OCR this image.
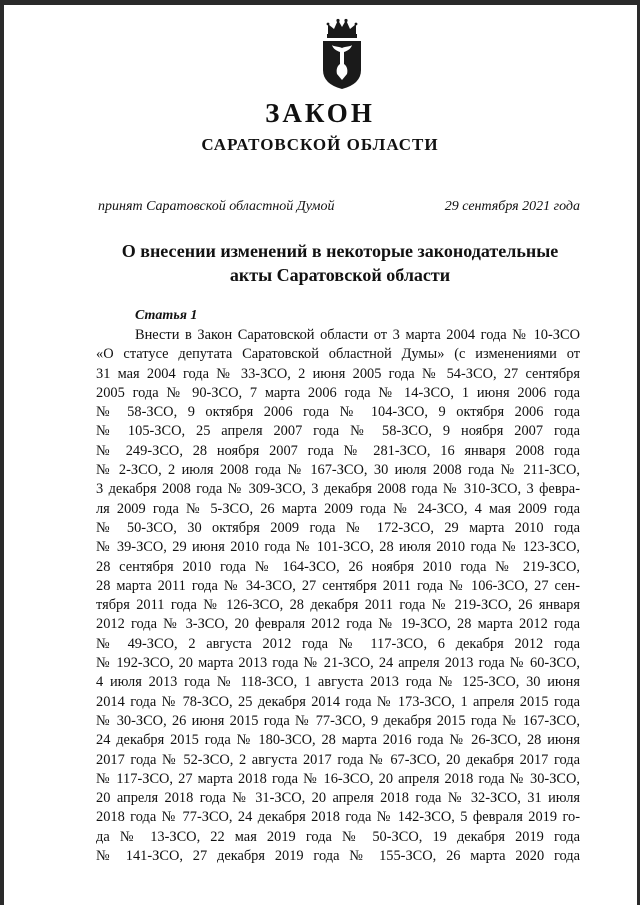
ЗАКОН
САРАТОВСКОЙ ОБЛАСТИ
принят Саратовской областной Думой	29 сентября 2021 года
О внесении изменений в некоторые законодательные
акты Саратовской области
Статья 1
Внести в Закон Саратовской области от 3 марта 2004 года № 10-ЗСО
«О статусе депутата Саратовской областной Думы» (с изменениями от
31 мая 2004 года № 33-ЗСО, 2 июня 2005 года № 54-ЗСО, 27 сентября
2005 года № 90-ЗСО, 7 марта 2006 года № 14-ЗСО, 1 июня 2006 года
№ 58-ЗСО, 9 октября 2006 года № 104-ЗСО, 9 октября 2006 года
№ 105-ЗСО, 25 апреля 2007 года № 58-ЗСО, 9 ноября 2007 года
№ 249-ЗСО, 28 ноября 2007 года № 281-ЗСО, 16 января 2008 года
№ 2-ЗСО, 2 июля 2008 года № 167-ЗСО, 30 июля 2008 года № 211-ЗСО,
3 декабря 2008 года № 309-ЗСО, 3 декабря 2008 года № 310-ЗСО, 3 февра-
ля 2009 года № 5-ЗСО, 26 марта 2009 года № 24-ЗСО, 4 мая 2009 года
№ 50-ЗСО, 30 октября 2009 года № 172-ЗСО, 29 марта 2010 года
№ 39-ЗСО, 29 июня 2010 года № 101-ЗСО, 28 июля 2010 года № 123-ЗСО,
28 сентября 2010 года № 164-ЗСО, 26 ноября 2010 года № 219-ЗСО,
28 марта 2011 года № 34-ЗСО, 27 сентября 2011 года № 106-ЗСО, 27 сен-
тября 2011 года № 126-ЗСО, 28 декабря 2011 года № 219-ЗСО, 26 января
2012 года № 3-ЗСО, 20 февраля 2012 года № 19-ЗСО, 28 марта 2012 года
№ 49-ЗСО, 2 августа 2012 года № 117-ЗСО, 6 декабря 2012 года
№ 192-ЗСО, 20 марта 2013 года № 21-ЗСО, 24 апреля 2013 года № 60-ЗСО,
4 июля 2013 года № 118-ЗСО, 1 августа 2013 года № 125-ЗСО, 30 июня
2014 года № 78-ЗСО, 25 декабря 2014 года № 173-ЗСО, 1 апреля 2015 года
№ 30-ЗСО, 26 июня 2015 года № 77-ЗСО, 9 декабря 2015 года № 167-ЗСО,
24 декабря 2015 года № 180-ЗСО, 28 марта 2016 года № 26-ЗСО, 28 июня
2017 года № 52-ЗСО, 2 августа 2017 года № 67-ЗСО, 20 декабря 2017 года
№ 117-ЗСО, 27 марта 2018 года № 16-ЗСО, 20 апреля 2018 года № 30-ЗСО,
20 апреля 2018 года № 31-ЗСО, 20 апреля 2018 года № 32-ЗСО, 31 июля
2018 года № 77-ЗСО, 24 декабря 2018 года № 142-ЗСО, 5 февраля 2019 го-
да № 13-ЗСО, 22 мая 2019 года № 50-ЗСО, 19 декабря 2019 года
№ 141-ЗСО, 27 декабря 2019 года № 155-ЗСО, 26 марта 2020 года
